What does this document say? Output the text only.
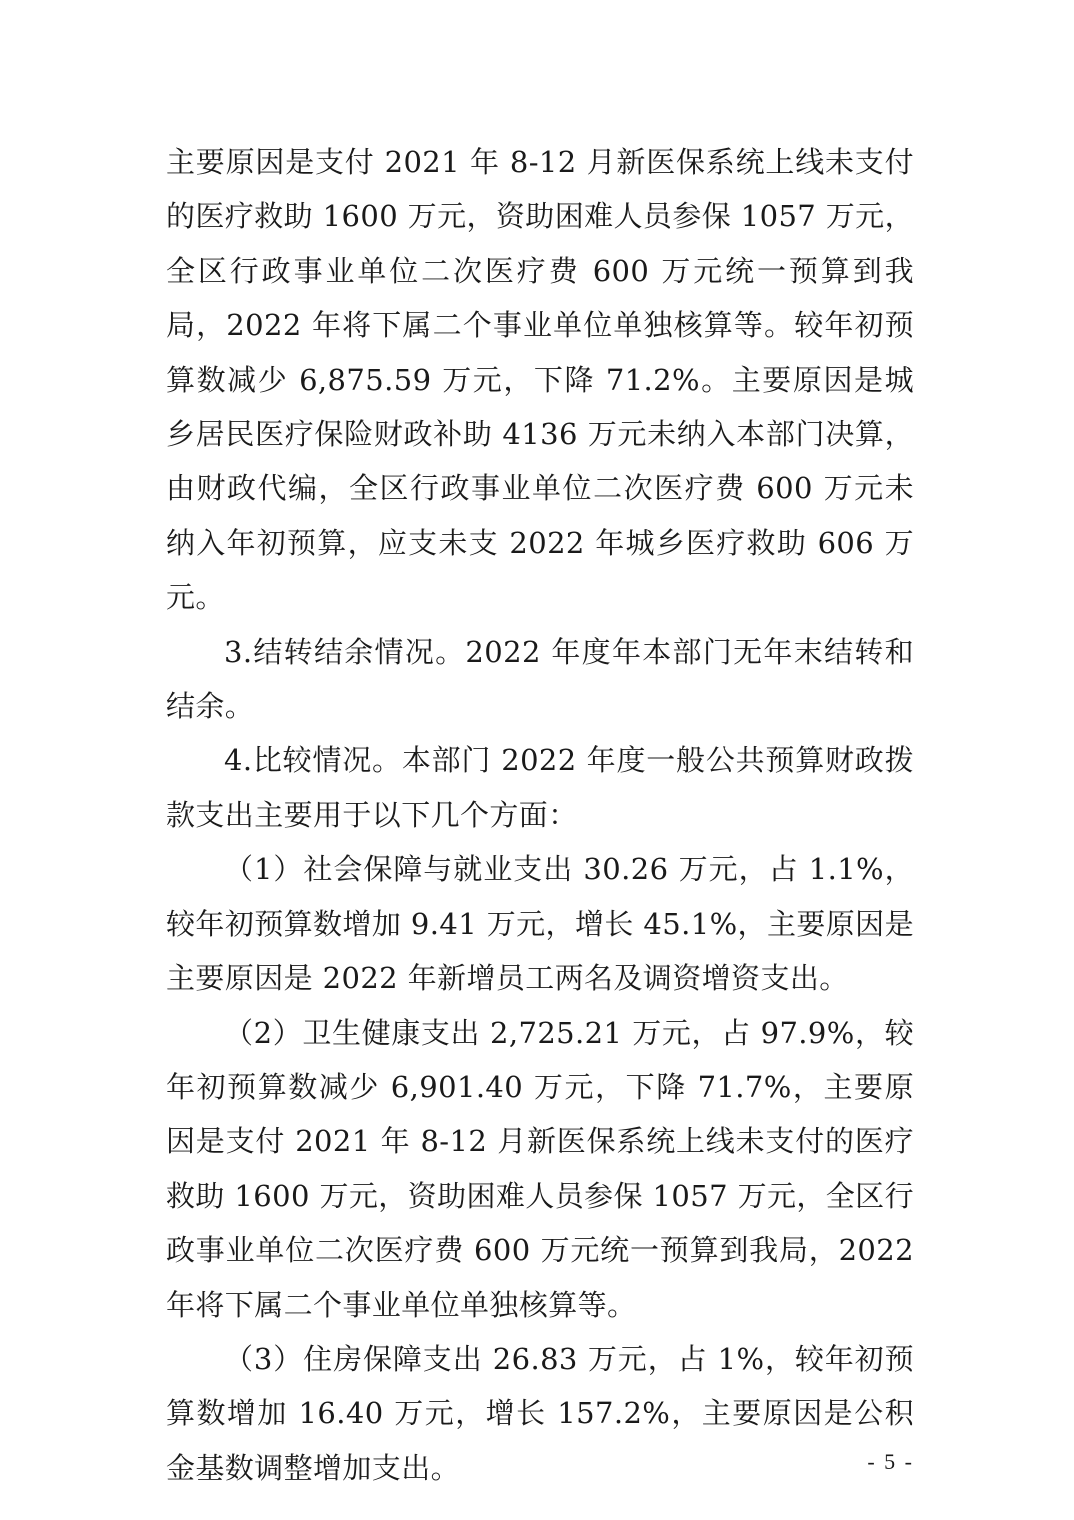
主要原因是支付 2021 年 8-12 月新医保系统上线未支付的医疗救助 1600 万元，资助困难人员参保 1057 万元，全区行政事业单位二次医疗费 600 万元统一预算到我局，2022 年将下属二个事业单位单独核算等。较年初预算数减少 6,875.59 万元，下降 71.2%。主要原因是城乡居民医疗保险财政补助 4136 万元未纳入本部门决算，由财政代编，全区行政事业单位二次医疗费 600 万元未纳入年初预算，应支未支 2022 年城乡医疗救助 606 万元。

3.结转结余情况。2022 年度年本部门无年末结转和结余。

4.比较情况。本部门 2022 年度一般公共预算财政拨款支出主要用于以下几个方面：

（1）社会保障与就业支出 30.26 万元，占 1.1%，较年初预算数增加 9.41 万元，增长 45.1%，主要原因是主要原因是 2022 年新增员工两名及调资增资支出。

（2）卫生健康支出 2,725.21 万元，占 97.9%，较年初预算数减少 6,901.40 万元，下降 71.7%，主要原因是支付 2021 年 8-12 月新医保系统上线未支付的医疗救助 1600 万元，资助困难人员参保 1057 万元，全区行政事业单位二次医疗费 600 万元统一预算到我局，2022 年将下属二个事业单位单独核算等。

（3）住房保障支出 26.83 万元，占 1%，较年初预算数增加 16.40 万元，增长 157.2%，主要原因是公积金基数调整增加支出。	- 5 -
